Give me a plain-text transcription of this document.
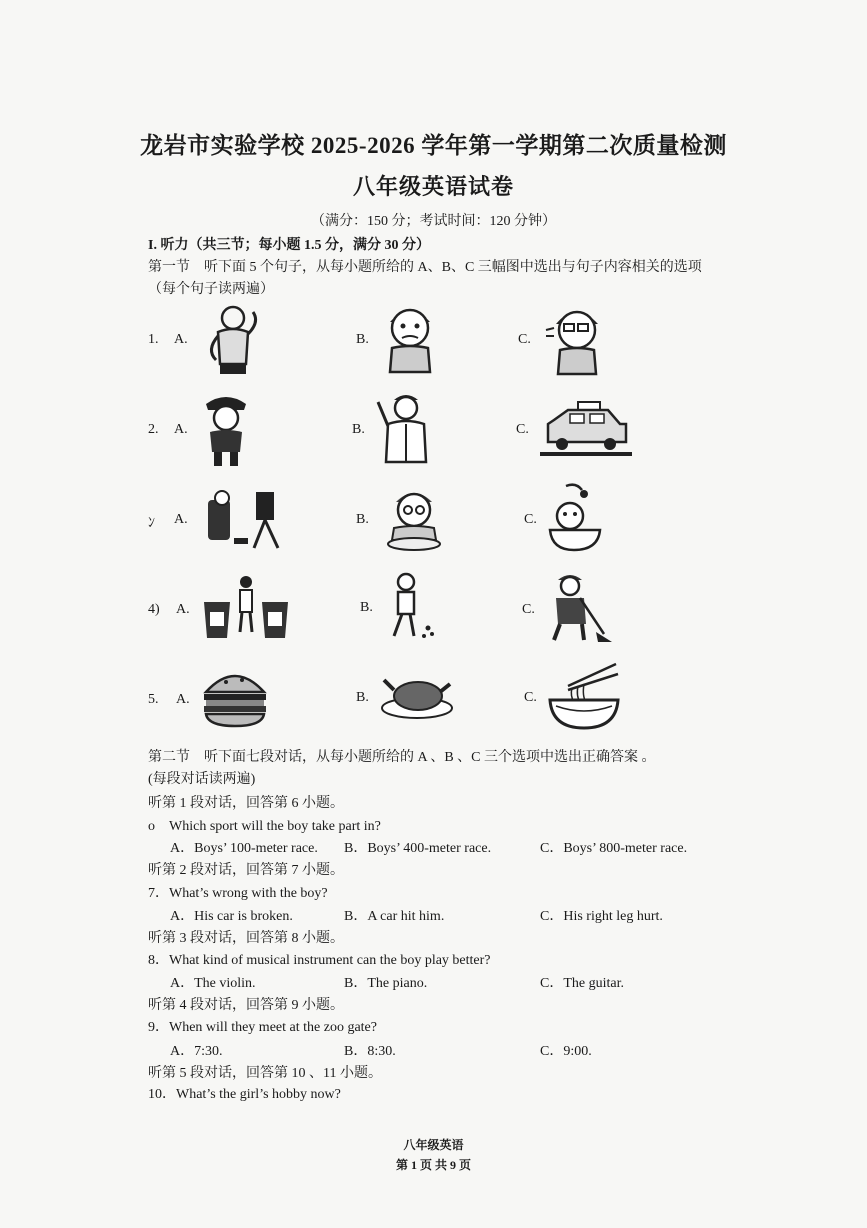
龙岩市实验学校 2025-2026 学年第一学期第二次质量检测
八年级英语试卷
（满分：150 分；考试时间：120 分钟）
I. 听力（共三节；每小题 1.5 分，满分 30 分）
第一节　听下面 5 个句子，从每小题所给的 A、B、C 三幅图中选出与句子内容相关的选项
（每个句子读两遍）
1. A.	B.	C.
2. A.	B.	C.
ﾝ A.	B.	C.
4) A.	B.	C.
5. A.	B.	C.
第二节　听下面七段对话，从每小题所给的 A 、B 、C 三个选项中选出正确答案 。
(每段对话读两遍)
听第 1 段对话，回答第 6 小题。
o　Which sport will the boy take part in?
A．Boys’ 100-meter race. B．Boys’ 400-meter race.	C．Boys’ 800-meter race.
听第 2 段对话，回答第 7 小题。
7．What’s wrong with the boy?
A．His car is broken.	B．A car hit him.	C．His right leg hurt.
听第 3 段对话，回答第 8 小题。
8．What kind of musical instrument can the boy play better?
A．The violin.	B．The piano.	C．The guitar.
听第 4 段对话，回答第 9 小题。
9．When will they meet at the zoo gate?
A．7:30.	B．8:30.	C．9:00.
听第 5 段对话，回答第 10 、11 小题。
10．What’s the girl’s hobby now?
八年级英语
第 1 页 共 9 页
